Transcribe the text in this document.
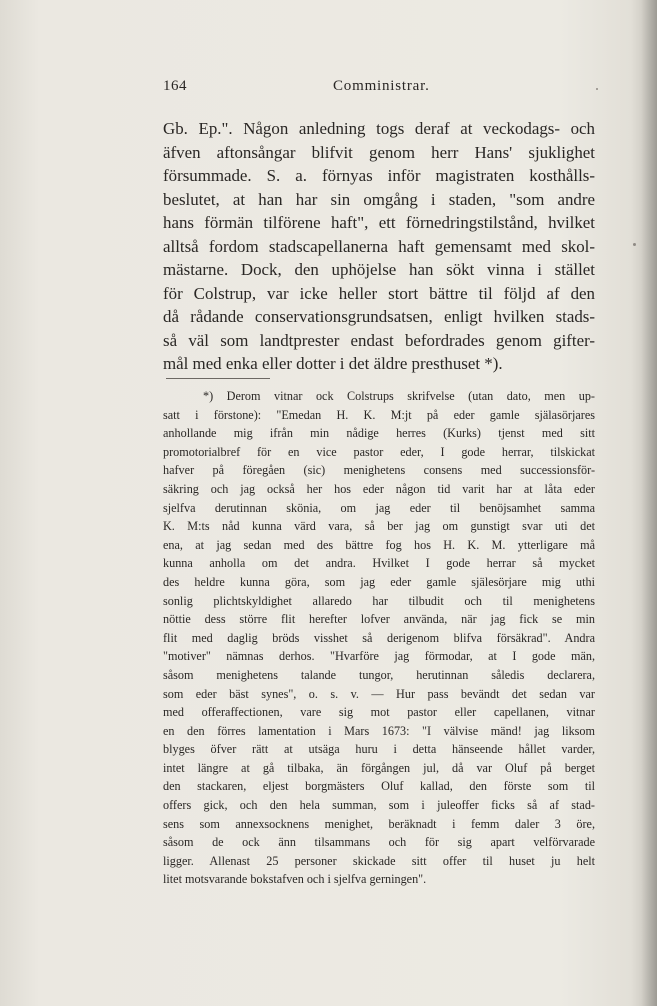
164	Comministrar.
Gb. Ep.". Någon anledning togs deraf at veckodags- och
äfven aftonsångar blifvit genom herr Hans' sjuklighet
försummade. S. a. förnyas inför magistraten kosthålls-
beslutet, at han har sin omgång i staden, "som andre
hans förmän tilförene haft", ett förnedringstilstånd, hvilket
alltså fordom stadscapellanerna haft gemensamt med skol-
mästarne. Dock, den uphöjelse han sökt vinna i stället
för Colstrup, var icke heller stort bättre til följd af den
då rådande conservationsgrundsatsen, enligt hvilken stads-
så väl som landtprester endast befordrades genom gifter-
mål med enka eller dotter i det äldre presthuset *).
*) Derom vitnar ock Colstrups skrifvelse (utan dato, men up-
satt i förstone): "Emedan H. K. M:jt på eder gamle själasörjares
anhollande mig ifrån min nådige herres (Kurks) tjenst med sitt
promotorialbref för en vice pastor eder, I gode herrar, tilskickat
hafver på föregåen (sic) menighetens consens med successionsför-
säkring och jag också her hos eder någon tid varit har at låta eder
sjelfva derutinnan skönia, om jag eder til benöjsamhet samma
K. M:ts nåd kunna värd vara, så ber jag om gunstigt svar uti det
ena, at jag sedan med des bättre fog hos H. K. M. ytterligare må
kunna anholla om det andra. Hvilket I gode herrar så mycket
des heldre kunna göra, som jag eder gamle själesörjare mig uthi
sonlig plichtskyldighet allaredo har tilbudit och til menighetens
nöttie dess större flit herefter lofver använda, när jag fick se min
flit med daglig bröds visshet så derigenom blifva försäkrad". Andra
"motiver" nämnas derhos. "Hvarföre jag förmodar, at I gode män,
såsom menighetens talande tungor, herutinnan såledis declarera,
som eder bäst synes", o. s. v. — Hur pass bevändt det sedan var
med offeraffectionen, vare sig mot pastor eller capellanen, vitnar
en den förres lamentation i Mars 1673: "I välvise mänd! jag liksom
blyges öfver rätt at utsäga huru i detta hänseende hållet varder,
intet längre at gå tilbaka, än förgången jul, då var Oluf på berget
den stackaren, eljest borgmästers Oluf kallad, den förste som til
offers gick, och den hela summan, som i juleoffer ficks så af stad-
sens som annexsocknens menighet, beräknadt i femm daler 3 öre,
såsom de ock änn tilsammans och för sig apart velförvarade
ligger. Allenast 25 personer skickade sitt offer til huset ju helt
litet motsvarande bokstafven och i sjelfva gerningen".
